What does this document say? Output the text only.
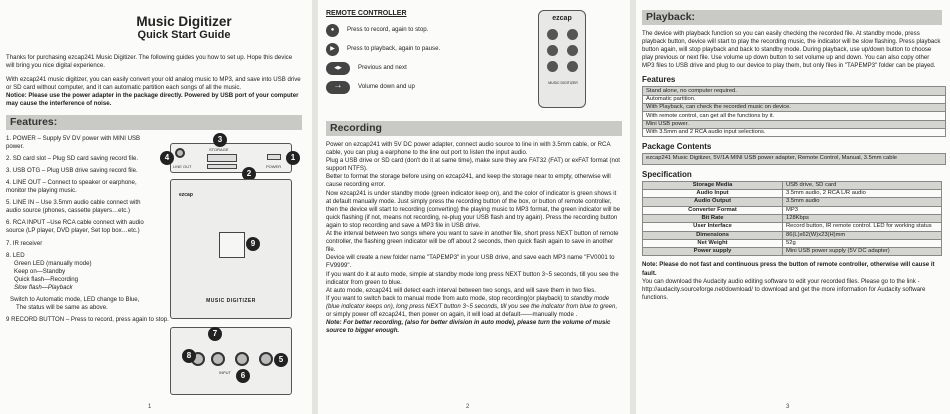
Music Digitizer
Quick Start Guide

Thanks for purchasing ezcap241 Music Digitizer. The following guides you how to set up. Hope this device will bring you nice digital experience.

With ezcap241 music digitizer, you can easily convert your old analog music to MP3, and save into USB drive or SD card without computer, and it can automatic partition each songs of all the music.

Notice: Please use the power adapter in the package directly. Powered by USB port of your computer may cause the interference of noise.

Features:

1. POWER – Supply 5V DV power with MINI USB power.

2. SD card slot – Plug SD card saving record file.

3. USB OTG – Plug USB drive saving record file.

4. LINE OUT – Connect to speaker or earphone, monitor the playing music.

5. LINE IN – Use 3.5mm audio cable connect with audio source (phones, cassette players…etc.)

6. RCA INPUT –Use RCA cable connect with audio source (LP player, DVD player, Set top box…etc.)

7. IR receiver

8. LED
Green LED (manually mode)
Keep on—Standby
Quick flash—Recording
Slow flash—Playback

Switch to Automatic mode, LED change to Blue,

The status will be same as above.

STORAGE
LINE OUT	POWER
3
4	1
2
ezcap
MUSIC DIGITIZER
9
INPUT
7
8
6
5

9 RECORD BUTTON – Press to record, press again to stop.

1
REMOTE CONTROLLER
●	Press to record, again to stop.
▶	Press to playback, again to pause.
◀▶	Previous and next
−+	Volume down and up
ezcap
MUSIC DIGITIZER
Recording

Power on ezcap241 with 5V DC power adapter, connect audio source to line in with 3.5mm cable, or RCA cable, you can plug a earphone to the line out port to listen the input audio.

Plug a USB drive or SD card (don't do it at same time), make sure they are FAT32 (FAT) or exFAT format (not support NTFS).

Better to format the storage before using on ezcap241, and keep the storage near to empty, otherwise will cause recording error.

Now ezcap241 is under standby mode (green indicator keep on), and the color of indicator is green shows it at default manually mode. Just simply press the recording button of the box, or button of remote controller, then the device will start to recording (converting) the playing music to MP3 format, the green indicator will be quick flashing (if not, means not recording, re-plug your USB flash and try again). Press the recording button again to stop recording and save a MP3 file in USB drive.

At the interval between two songs where you want to save in another file, short press NEXT button of remote controller, the flashing green indicator will be off about 2 seconds, then quick flash again to save in another file.

Device will create a new folder name "TAPEMP3" in your USB drive, and save each MP3 name "FV0001 to FV9999".

If you want do it at auto mode, simple at standby mode long press NEXT button 3~5 seconds, till you see the indicator from green to blue.

At auto mode, ezcap241 will detect each interval between two songs, and will save them in two files.

If you want to switch back to manual mode from auto mode, stop recording(or playback) to standby mode (blue indicator keeps on), long press NEXT button 3~5 seconds, till you see the indicator from blue to green, or simply power off ezcap241, then power on again, it will load at default——manually mode .

Note: For better recording, (also for better division in auto mode), please turn the volume of music source to bigger enough.

2
Playback:

The device with playback function so you can easily checking the recorded file. At standby mode, press playback button, device will start to play the recording music, the indicator will be slow flashing. Press playback button again, will stop playback and back to standby mode. During playback, use up/down button to choose play previous or next file. Use volume up down button to set volume up and down. You can also copy other MP3 files to USB drive and plug to our device to play them, but only files in "TAPEMP3" folder can be played.

Features
Stand alone, no computer required.
Automatic partition.
With Playback, can check the recorded music on device.
With remote control, can get all the functions by it.
Mini USB power.
With 3.5mm and 2 RCA audio input selections.
Package Contents
ezcap241 Music Digitizer, 5V/1A MINI USB power adapter, Remote Control, Manual, 3.5mm cable
Specification
Storage Media	USB drive, SD card
Audio Input	3.5mm audio, 2 RCA L/R audio
Audio Output	3.5mm audio
Converter Format	MP3
Bit Rate	128Kbps
User Interface	Record button, IR remote control. LED for working status
Dimensions	86(L)x62(W)x23(H)mm
Net Weight	52g
Power supply	Mini USB power supply (5V DC adapter)

Note: Please do not fast and continuous press the button of remote controller, otherwise will cause it fault.

You can download the Audacity audio editing software to edit your recorded files. Please go to the link - http://audacity.sourceforge.net/download/ to download and get the more information for Audacity software functions.

3
